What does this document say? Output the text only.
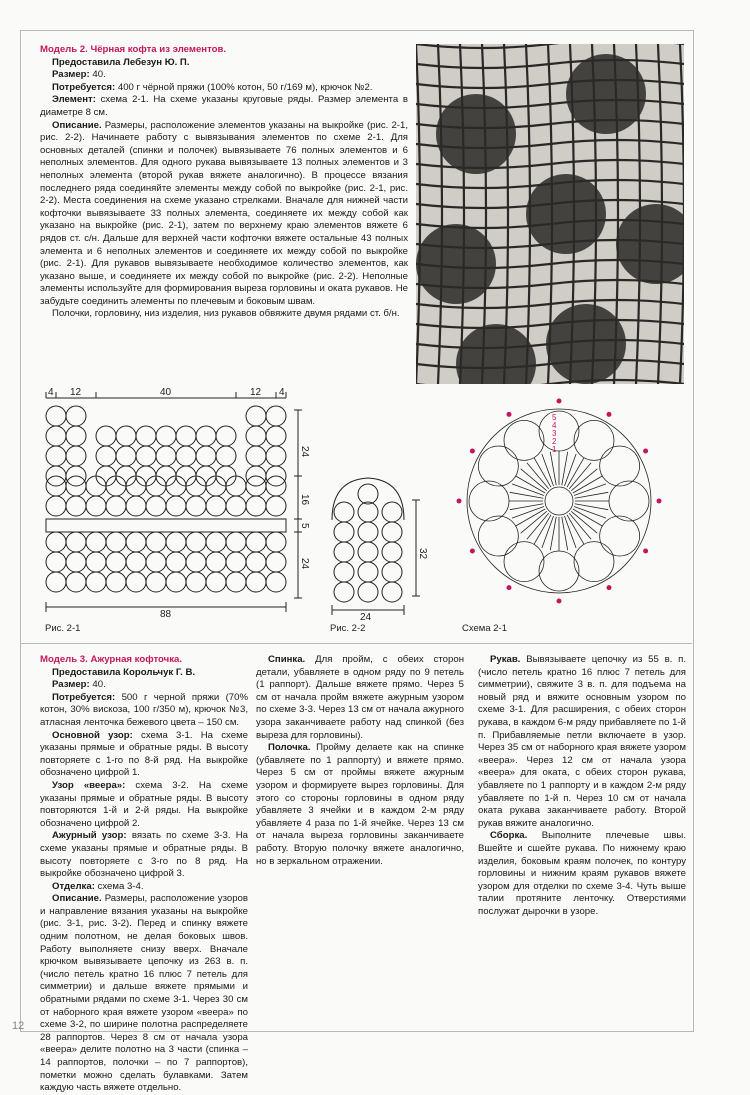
Модель 2. Чёрная кофта из элементов.

Предоставила Лебезун Ю. П.

Размер: 40.

Потребуется: 400 г чёрной пряжи (100% котон, 50 г/169 м), крючок №2.

Элемент: схема 2-1. На схеме указаны круговые ряды. Размер элемента в диаметре 8 см.

Описание. Размеры, расположение элементов указаны на выкройке (рис. 2-1, рис. 2-2). Начинаете работу с вывязывания элементов по схеме 2-1. Для основных деталей (спинки и полочек) вывязываете 76 полных элементов и 6 неполных элементов. Для одного рукава вывязываете 13 полных элементов и 3 неполных элемента (второй рукав вяжете аналогично). В процессе вязания последнего ряда соединяйте элементы между собой по выкройке (рис. 2-1, рис. 2-2). Места соединения на схеме указано стрелками. Вначале для нижней части кофточки вывязываете 33 полных элемента, соединяете их между собой как указано на выкройке (рис. 2-1), затем по верхнему краю элементов вяжете 6 рядов ст. с/н. Дальше для верхней части кофточки вяжете остальные 43 полных элемента и 6 неполных элементов и соединяете их между собой по выкройке (рис. 2-1). Для рукавов вывязываете необходимое количество элементов, как указано выше, и соединяете их между собой по выкройке (рис. 2-2). Неполные элементы используйте для формирования выреза горловины и оката рукавов. Не забудьте соединить элементы по плечевым и боковым швам.

Полочки, горловину, низ изделия, низ рукавов обвяжите двумя рядами ст. б/н.

4 12	40	12 4
24
16
5
24
88
Рис. 2-1
24
32
Рис. 2-2
1
2
3
4
5
Схема 2-1

Модель 3. Ажурная кофточка.

Предоставила Корольчук Г. В.

Размер: 40.

Потребуется: 500 г черной пряжи (70% котон, 30% вискоза, 100 г/350 м), крючок №3, атласная ленточка бежевого цвета – 150 см.

Основной узор: схема 3-1. На схеме указаны прямые и обратные ряды. В высоту повторяете с 1-го по 8-й ряд. На выкройке обозначено цифрой 1.

Узор «веера»: схема 3-2. На схеме указаны прямые и обратные ряды. В высоту повторяются 1-й и 2-й ряды. На выкройке обозначено цифрой 2.

Ажурный узор: вязать по схеме 3-3. На схеме указаны прямые и обратные ряды. В высоту повторяете с 3-го по 8 ряд. На выкройке обозначено цифрой 3.

Отделка: схема 3-4.

Описание. Размеры, расположение узоров и направление вязания указаны на выкройке (рис. 3-1, рис. 3-2). Перед и спинку вяжете одним полотном, не делая боковых швов. Работу выполняете снизу вверх. Вначале крючком вывязываете цепочку из 263 в. п. (число петель кратно 16 плюс 7 петель для симметрии) и дальше вяжете прямыми и обратными рядами по схеме 3-1. Через 30 см от наборного края вяжете узором «веера» по схеме 3-2, по ширине полотна распределяете 28 раппортов. Через 8 см от начала узора «веера» делите полотно на 3 части (спинка – 14 раппортов, полочки – по 7 раппортов), пометки можно сделать булавками. Затем каждую часть вяжете отдельно.

Спинка. Для пройм, с обеих сторон детали, убавляете в одном ряду по 9 петель (1 раппорт). Дальше вяжете прямо. Через 5 см от начала пройм вяжете ажурным узором по схеме 3-3. Через 13 см от начала ажурного узора заканчиваете работу над спинкой (без выреза для горловины).

Полочка. Пройму делаете как на спинке (убавляете по 1 раппорту) и вяжете прямо. Через 5 см от проймы вяжете ажурным узором и формируете вырез горловины. Для этого со стороны горловины в одном ряду убавляете 3 ячейки и в каждом 2-м ряду убавляете 4 раза по 1-й ячейке. Через 13 см от начала выреза горловины заканчиваете работу. Вторую полочку вяжете аналогично, но в зеркальном отражении.

Рукав. Вывязываете цепочку из 55 в. п. (число петель кратно 16 плюс 7 петель для симметрии), свяжите 3 в. п. для подъема на новый ряд и вяжите основным узором по схеме 3-1. Для расширения, с обеих сторон рукава, в каждом 6-м ряду прибавляете по 1-й п. Прибавляемые петли включаете в узор. Через 35 см от наборного края вяжете узором «веера». Через 12 см от начала узора «веера» для оката, с обеих сторон рукава, убавляете по 1 раппорту и в каждом 2-м ряду убавляете по 1-й п. Через 10 см от начала оката рукава заканчиваете работу. Второй рукав вяжите аналогично.

Сборка. Выполните плечевые швы. Вшейте и сшейте рукава. По нижнему краю изделия, боковым краям полочек, по контуру горловины и нижним краям рукавов вяжете узором для отделки по схеме 3-4. Чуть выше талии протяните ленточку. Отверстиями послужат дырочки в узоре.

12
